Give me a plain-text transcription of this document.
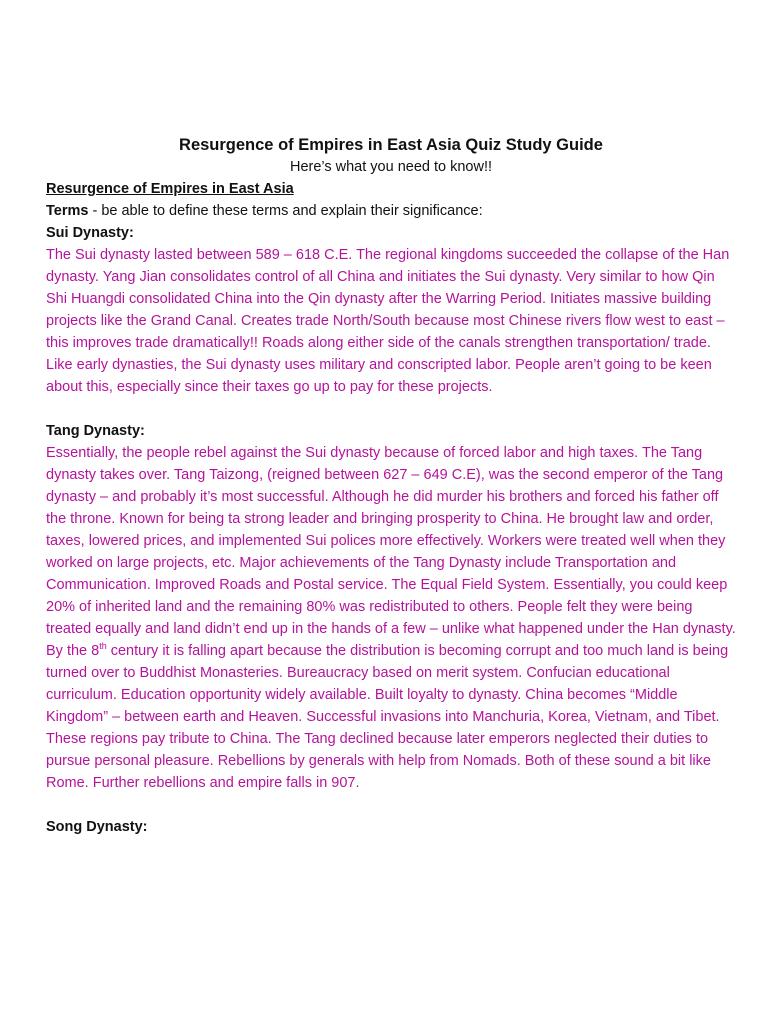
Resurgence of Empires in East Asia Quiz Study Guide

Here’s what you need to know!!

Resurgence of Empires in East Asia

Terms - be able to define these terms and explain their significance:

Sui Dynasty:

The Sui dynasty lasted between 589 – 618 C.E. The regional kingdoms succeeded the collapse of the Han dynasty. Yang Jian consolidates control of all China and initiates the Sui dynasty. Very similar to how Qin Shi Huangdi consolidated China into the Qin dynasty after the Warring Period. Initiates massive building projects like the Grand Canal. Creates trade North/South because most Chinese rivers flow west to east – this improves trade dramatically!! Roads along either side of the canals strengthen transportation/ trade. Like early dynasties, the Sui dynasty uses military and conscripted labor. People aren’t going to be keen about this, especially since their taxes go up to pay for these projects.

Tang Dynasty:

Essentially, the people rebel against the Sui dynasty because of forced labor and high taxes. The Tang dynasty takes over. Tang Taizong, (reigned between 627 – 649 C.E), was the second emperor of the Tang dynasty – and probably it’s most successful. Although he did murder his brothers and forced his father off the throne. Known for being ta strong leader and bringing prosperity to China. He brought law and order, taxes, lowered prices, and implemented Sui polices more effectively. Workers were treated well when they worked on large projects, etc. Major achievements of the Tang Dynasty include Transportation and Communication. Improved Roads and Postal service. The Equal Field System. Essentially, you could keep 20% of inherited land and the remaining 80% was redistributed to others. People felt they were being treated equally and land didn’t end up in the hands of a few – unlike what happened under the Han dynasty. By the 8th century it is falling apart because the distribution is becoming corrupt and too much land is being turned over to Buddhist Monasteries. Bureaucracy based on merit system. Confucian educational curriculum. Education opportunity widely available. Built loyalty to dynasty. China becomes “Middle Kingdom” – between earth and Heaven. Successful invasions into Manchuria, Korea, Vietnam, and Tibet. These regions pay tribute to China. The Tang declined because later emperors neglected their duties to pursue personal pleasure. Rebellions by generals with help from Nomads. Both of these sound a bit like Rome. Further rebellions and empire falls in 907.

Song Dynasty:
